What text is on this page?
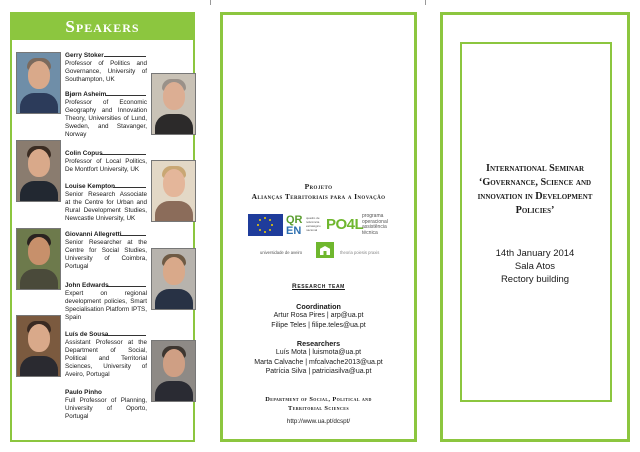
Speakers
Gerry Stoker
Professor of Politics and Governance, University of Southampton, UK
Bjørn Asheim
Professor of Economic Geography and Innovation Theory, Universities of Lund, Sweden, and Stavanger, Norway
Colin Copus
Professor of Local Politics, De Montfort University, UK
Louise Kempton
Senior Research Associate at the Centre for Urban and Rural Development Studies, Newcastle University, UK
Giovanni Allegretti
Senior Researcher at the Centre for Social Studies, University of Coimbra, Portugal
John Edwards
Expert on regional development policies, Smart Specialisation Platform IPTS, Spain
Luís de Sousa
Assistant Professor at the Department of Social, Political and Territorial Sciences, University of Aveiro, Portugal
Paulo Pinho
Full Professor of Planning, University of Oporto, Portugal
Projeto
Alianças Territoriais para a Inovação
QR
EN
quadro de referência estratégico nacional PO4L
programa operacional assistência técnica
universidade de aveiro	theoria poiesis praxis
Research team
Coordination
Artur Rosa Pires | arp@ua.pt
Filipe Teles | filipe.teles@ua.pt
Researchers
Luís Mota | luismota@ua.pt
Marta Calvache | mfcalvache2013@ua.pt
Patrícia Silva | patriciasilva@ua.pt
Department of Social, Political and
Territorial Sciences
http://www.ua.pt/dcspt/
International Seminar
‘Governance, Science and
innovation in Development
Policies’
14th January 2014
Sala Atos
Rectory building
